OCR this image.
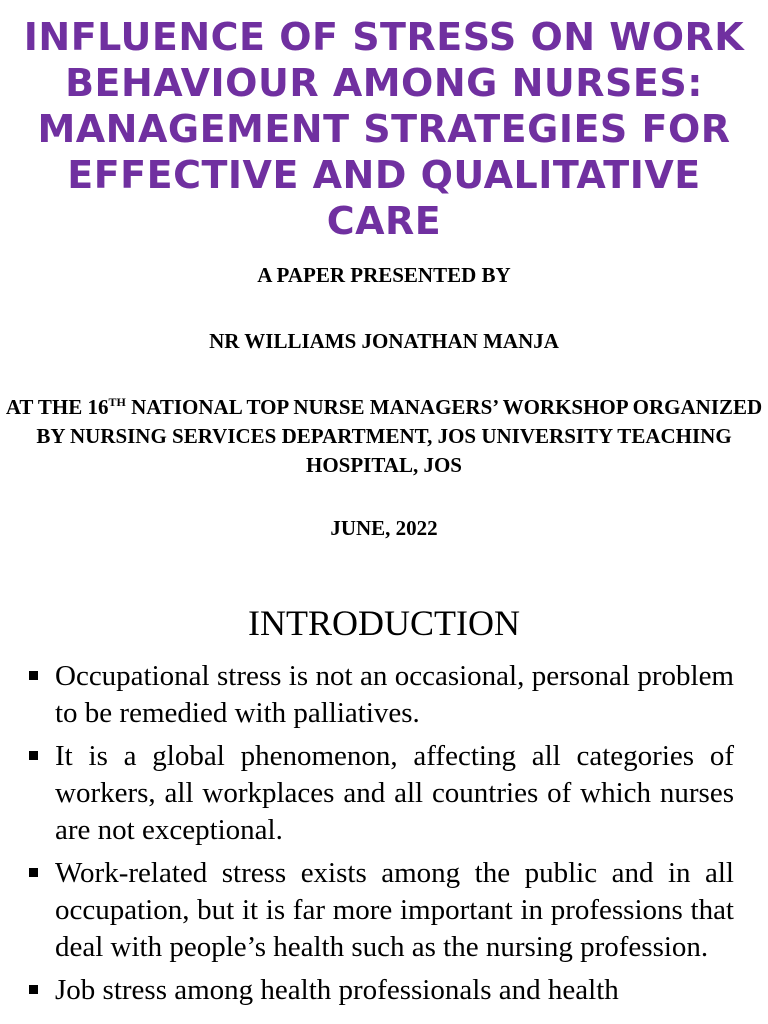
INFLUENCE OF STRESS ON WORK BEHAVIOUR AMONG NURSES: MANAGEMENT STRATEGIES FOR EFFECTIVE AND QUALITATIVE CARE

A PAPER PRESENTED BY

NR WILLIAMS JONATHAN MANJA

AT THE 16TH NATIONAL TOP NURSE MANAGERS’ WORKSHOP ORGANIZED BY NURSING SERVICES DEPARTMENT, JOS UNIVERSITY TEACHING HOSPITAL, JOS

JUNE, 2022

INTRODUCTION
Occupational stress is not an occasional, personal problem to be remedied with palliatives.
It is a global phenomenon, affecting all categories of workers, all workplaces and all countries of which nurses are not exceptional.
Work-related stress exists among the public and in all occupation, but it is far more important in professions that deal with people’s health such as the nursing profession.
Job stress among health professionals and health
